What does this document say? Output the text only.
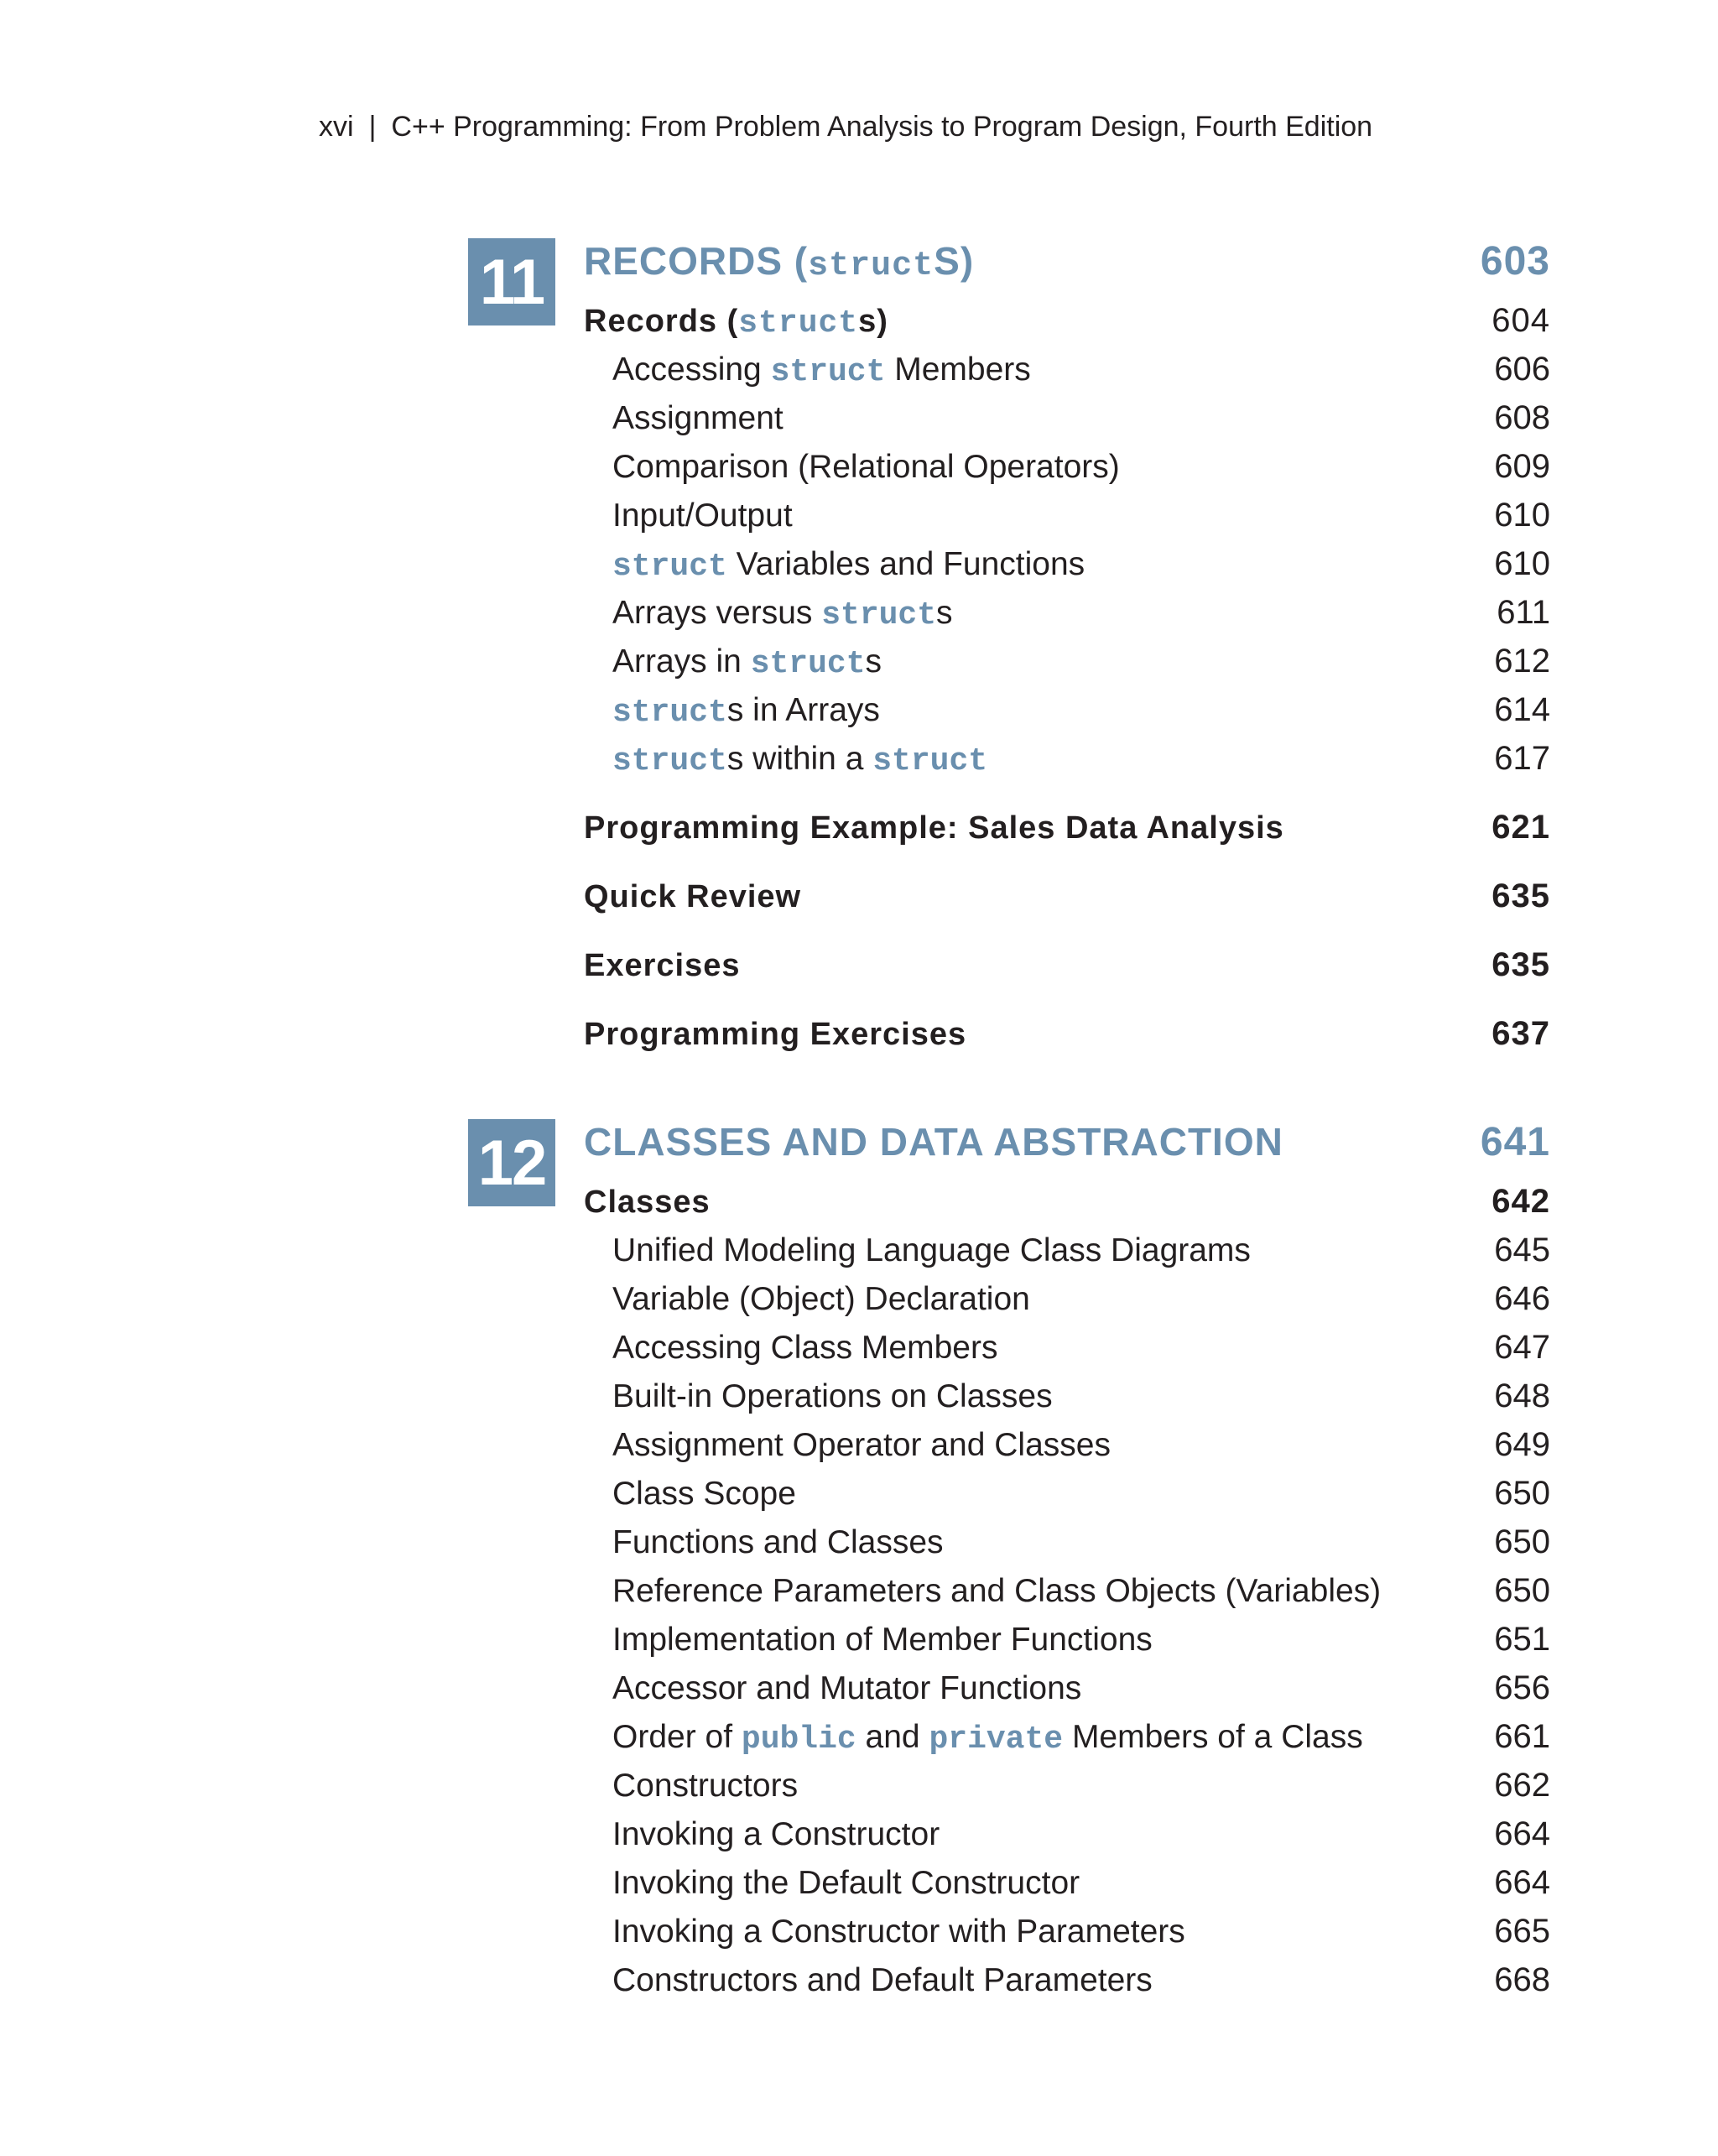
xvi | C++ Programming: From Problem Analysis to Program Design, Fourth Edition
11	RECORDS (structS)	603
Records (structs)	604
Accessing struct Members	606
Assignment	608
Comparison (Relational Operators)	609
Input/Output	610
struct Variables and Functions	610
Arrays versus structs	611
Arrays in structs	612
structs in Arrays	614
structs within a struct	617
Programming Example: Sales Data Analysis	621
Quick Review	635
Exercises	635
Programming Exercises	637
12 CLASSES AND DATA ABSTRACTION	641
Classes	642
Unified Modeling Language Class Diagrams	645
Variable (Object) Declaration	646
Accessing Class Members	647
Built-in Operations on Classes	648
Assignment Operator and Classes	649
Class Scope	650
Functions and Classes	650
Reference Parameters and Class Objects (Variables)	650
Implementation of Member Functions	651
Accessor and Mutator Functions	656
Order of public and private Members of a Class	661
Constructors	662
Invoking a Constructor	664
Invoking the Default Constructor	664
Invoking a Constructor with Parameters	665
Constructors and Default Parameters	668
